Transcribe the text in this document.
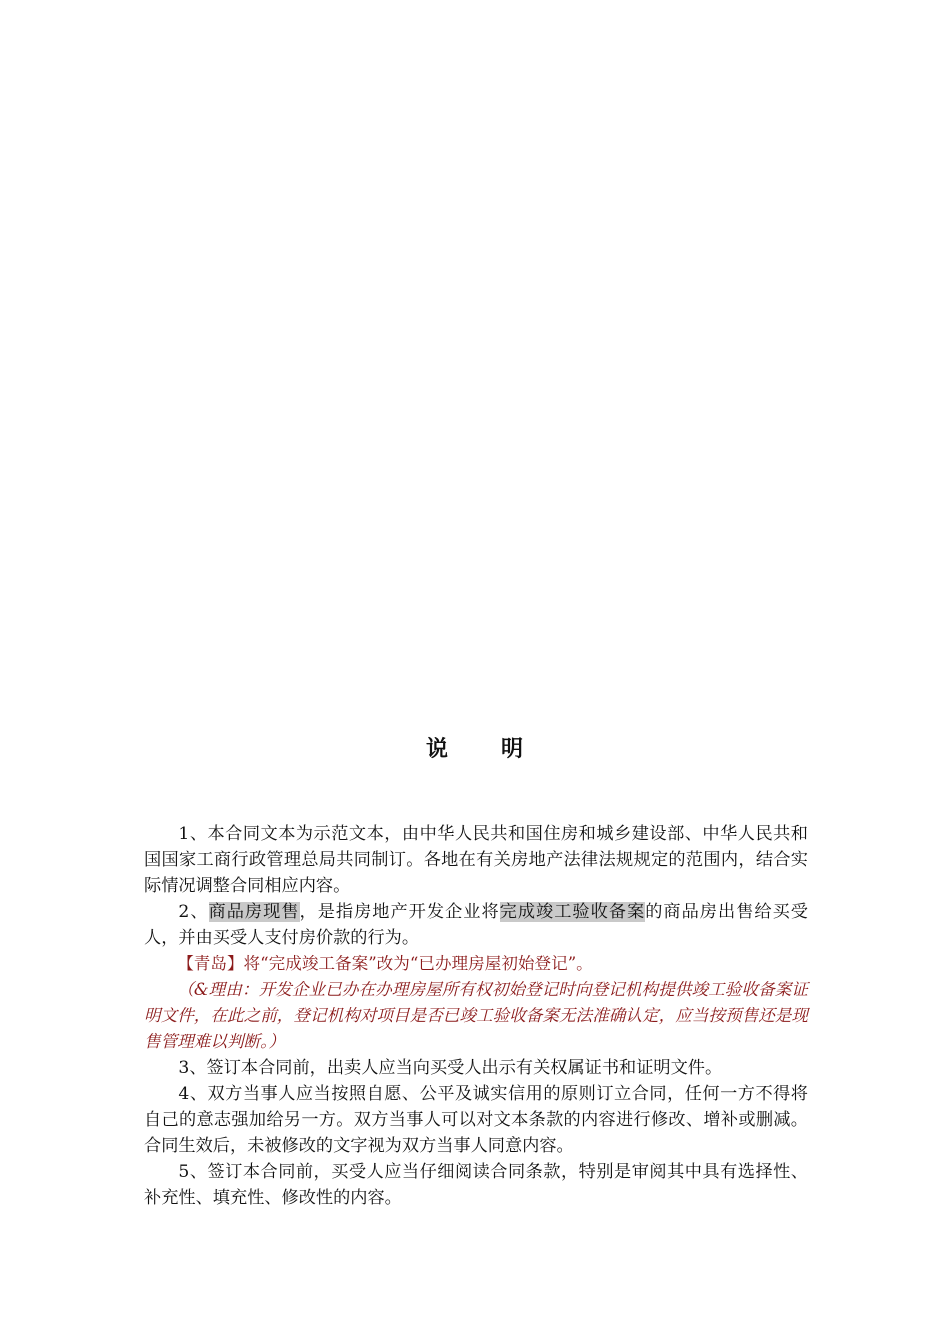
说 明

1、本合同文本为示范文本，由中华人民共和国住房和城乡建设部、中华人民共和国国家工商行政管理总局共同制订。各地在有关房地产法律法规规定的范围内，结合实际情况调整合同相应内容。

2、商品房现售，是指房地产开发企业将完成竣工验收备案的商品房出售给买受人，并由买受人支付房价款的行为。

【青岛】将“完成竣工备案”改为“已办理房屋初始登记”。

（&理由：开发企业已办在办理房屋所有权初始登记时向登记机构提供竣工验收备案证明文件，在此之前，登记机构对项目是否已竣工验收备案无法准确认定，应当按预售还是现售管理难以判断。）

3、签订本合同前，出卖人应当向买受人出示有关权属证书和证明文件。

4、双方当事人应当按照自愿、公平及诚实信用的原则订立合同，任何一方不得将自己的意志强加给另一方。双方当事人可以对文本条款的内容进行修改、增补或删减。合同生效后，未被修改的文字视为双方当事人同意内容。

5、签订本合同前，买受人应当仔细阅读合同条款，特别是审阅其中具有选择性、补充性、填充性、修改性的内容。
